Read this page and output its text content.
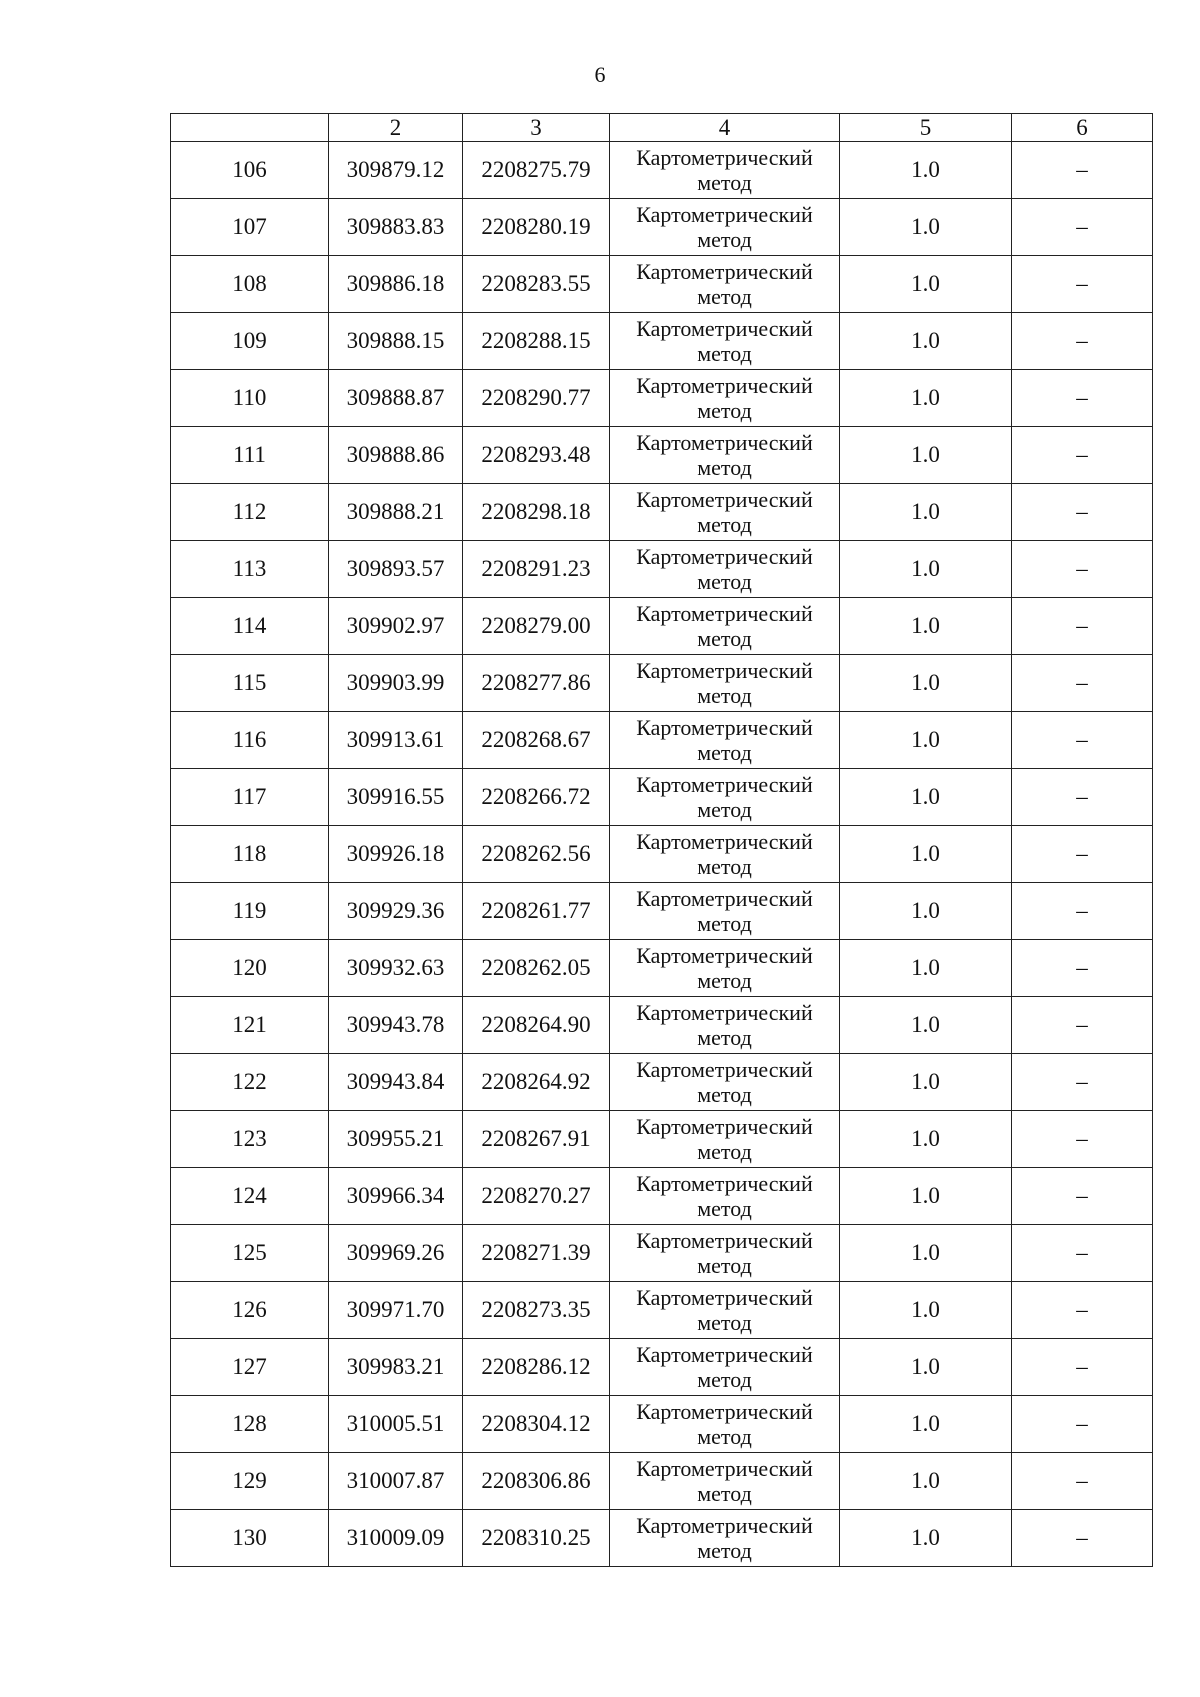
6
	2	3	4	5	6
106	309879.12	2208275.79	Картометрический метод	1.0	–
107	309883.83	2208280.19	Картометрический метод	1.0	–
108	309886.18	2208283.55	Картометрический метод	1.0	–
109	309888.15	2208288.15	Картометрический метод	1.0	–
110	309888.87	2208290.77	Картометрический метод	1.0	–
111	309888.86	2208293.48	Картометрический метод	1.0	–
112	309888.21	2208298.18	Картометрический метод	1.0	–
113	309893.57	2208291.23	Картометрический метод	1.0	–
114	309902.97	2208279.00	Картометрический метод	1.0	–
115	309903.99	2208277.86	Картометрический метод	1.0	–
116	309913.61	2208268.67	Картометрический метод	1.0	–
117	309916.55	2208266.72	Картометрический метод	1.0	–
118	309926.18	2208262.56	Картометрический метод	1.0	–
119	309929.36	2208261.77	Картометрический метод	1.0	–
120	309932.63	2208262.05	Картометрический метод	1.0	–
121	309943.78	2208264.90	Картометрический метод	1.0	–
122	309943.84	2208264.92	Картометрический метод	1.0	–
123	309955.21	2208267.91	Картометрический метод	1.0	–
124	309966.34	2208270.27	Картометрический метод	1.0	–
125	309969.26	2208271.39	Картометрический метод	1.0	–
126	309971.70	2208273.35	Картометрический метод	1.0	–
127	309983.21	2208286.12	Картометрический метод	1.0	–
128	310005.51	2208304.12	Картометрический метод	1.0	–
129	310007.87	2208306.86	Картометрический метод	1.0	–
130	310009.09	2208310.25	Картометрический метод	1.0	–
